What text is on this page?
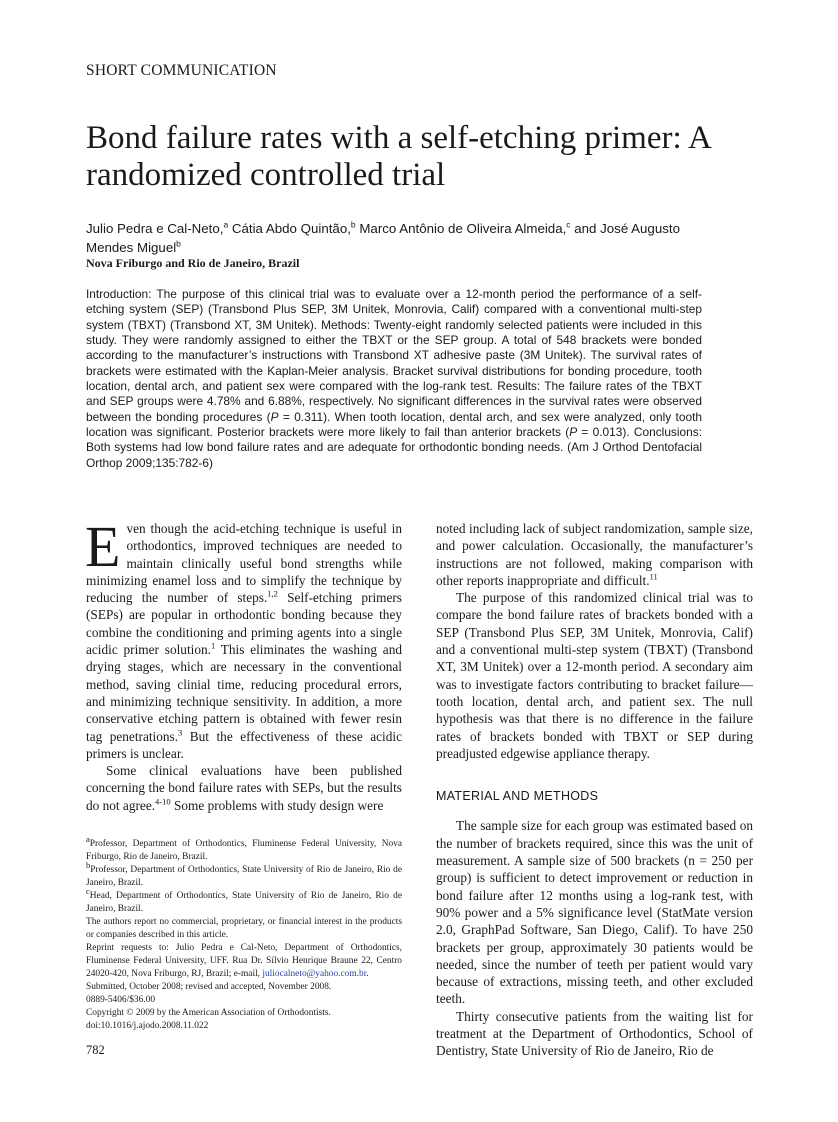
SHORT COMMUNICATION
Bond failure rates with a self-etching primer: A randomized controlled trial
Julio Pedra e Cal-Neto,$^a$ Cátia Abdo Quintão,$^b$ Marco Antônio de Oliveira Almeida,$^c$ and José Augusto Mendes Miguel$^b$
Nova Friburgo and Rio de Janeiro, Brazil
Introduction: The purpose of this clinical trial was to evaluate over a 12-month period the performance of a self-etching system (SEP) (Transbond Plus SEP, 3M Unitek, Monrovia, Calif) compared with a conventional multi-step system (TBXT) (Transbond XT, 3M Unitek). Methods: Twenty-eight randomly selected patients were included in this study. They were randomly assigned to either the TBXT or the SEP group. A total of 548 brackets were bonded according to the manufacturer’s instructions with Transbond XT adhesive paste (3M Unitek). The survival rates of brackets were estimated with the Kaplan-Meier analysis. Bracket survival distributions for bonding procedure, tooth location, dental arch, and patient sex were compared with the log-rank test. Results: The failure rates of the TBXT and SEP groups were 4.78% and 6.88%, respectively. No significant differences in the survival rates were observed between the bonding procedures (P = 0.311). When tooth location, dental arch, and sex were analyzed, only tooth location was significant. Posterior brackets were more likely to fail than anterior brackets (P = 0.013). Conclusions: Both systems had low bond failure rates and are adequate for orthodontic bonding needs. (Am J Orthod Dentofacial Orthop 2009;135:782-6)

Even though the acid-etching technique is useful in orthodontics, improved techniques are needed to maintain clinically useful bond strengths while minimizing enamel loss and to simplify the technique by reducing the number of steps.$^{1,2}$ Self-etching primers (SEPs) are popular in orthodontic bonding because they combine the conditioning and priming agents into a single acidic primer solution.$^1$ This eliminates the washing and drying stages, which are necessary in the conventional method, saving clinial time, reducing procedural errors, and minimizing technique sensitivity. In addition, a more conservative etching pattern is obtained with fewer resin tag penetrations.$^3$ But the effectiveness of these acidic primers is unclear.

Some clinical evaluations have been published concerning the bond failure rates with SEPs, but the results do not agree.$^{4-10}$ Some problems with study design were

noted including lack of subject randomization, sample size, and power calculation. Occasionally, the manufacturer’s instructions are not followed, making comparison with other reports inappropriate and difficult.$^{11}$

The purpose of this randomized clinical trial was to compare the bond failure rates of brackets bonded with a SEP (Transbond Plus SEP, 3M Unitek, Monrovia, Calif) and a conventional multi-step system (TBXT) (Transbond XT, 3M Unitek) over a 12-month period. A secondary aim was to investigate factors contributing to bracket failure—tooth location, dental arch, and patient sex. The null hypothesis was that there is no difference in the failure rates of brackets bonded with TBXT or SEP during preadjusted edgewise appliance therapy.

MATERIAL AND METHODS

The sample size for each group was estimated based on the number of brackets required, since this was the unit of measurement. A sample size of 500 brackets (n = 250 per group) is sufficient to detect improvement or reduction in bond failure after 12 months using a log-rank test, with 90% power and a 5% significance level (StatMate version 2.0, GraphPad Software, San Diego, Calif). To have 250 brackets per group, approximately 30 patients would be needed, since the number of teeth per patient would vary because of extractions, missing teeth, and other excluded teeth.

Thirty consecutive patients from the waiting list for treatment at the Department of Orthodontics, School of Dentistry, State University of Rio de Janeiro, Rio de

$^a$Professor, Department of Orthodontics, Fluminense Federal University, Nova Friburgo, Rio de Janeiro, Brazil.
$^b$Professor, Department of Orthodontics, State University of Rio de Janeiro, Rio de Janeiro, Brazil.
$^c$Head, Department of Orthodontics, State University of Rio de Janeiro, Rio de Janeiro, Brazil.
The authors report no commercial, proprietary, or financial interest in the products or companies described in this article.
Reprint requests to: Julio Pedra e Cal-Neto, Department of Orthodontics, Fluminense Federal University, UFF. Rua Dr. Sílvio Henrique Braune 22, Centro 24020-420, Nova Friburgo, RJ, Brazil; e-mail, juliocalneto@yahoo.com.br.
Submitted, October 2008; revised and accepted, November 2008.
0889-5406/$36.00
Copyright © 2009 by the American Association of Orthodontists.
doi:10.1016/j.ajodo.2008.11.022
782
